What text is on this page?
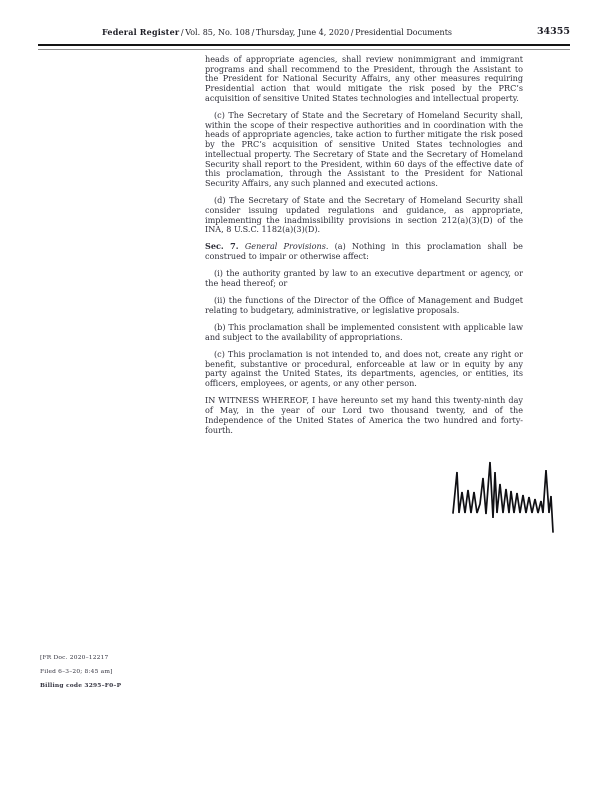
Federal Register / Vol. 85, No. 108 / Thursday, June 4, 2020 / Presidential Documents	34355

heads of appropriate agencies, shall review nonimmigrant and immigrant programs and shall recommend to the President, through the Assistant to the President for National Security Affairs, any other measures requiring Presidential action that would mitigate the risk posed by the PRC’s acquisition of sensitive United States technologies and intellectual property.

(c) The Secretary of State and the Secretary of Homeland Security shall, within the scope of their respective authorities and in coordination with the heads of appropriate agencies, take action to further mitigate the risk posed by the PRC’s acquisition of sensitive United States technologies and intellectual property. The Secretary of State and the Secretary of Homeland Security shall report to the President, within 60 days of the effective date of this proclamation, through the Assistant to the President for National Security Affairs, any such planned and executed actions.

(d) The Secretary of State and the Secretary of Homeland Security shall consider issuing updated regulations and guidance, as appropriate, implementing the inadmissibility provisions in section 212(a)(3)(D) of the INA, 8 U.S.C. 1182(a)(3)(D).

Sec. 7. General Provisions. (a) Nothing in this proclamation shall be construed to impair or otherwise affect:

(i) the authority granted by law to an executive department or agency, or the head thereof; or

(ii) the functions of the Director of the Office of Management and Budget relating to budgetary, administrative, or legislative proposals.

(b) This proclamation shall be implemented consistent with applicable law and subject to the availability of appropriations.

(c) This proclamation is not intended to, and does not, create any right or benefit, substantive or procedural, enforceable at law or in equity by any party against the United States, its departments, agencies, or entities, its officers, employees, or agents, or any other person.

IN WITNESS WHEREOF, I have hereunto set my hand this twenty-ninth day of May, in the year of our Lord two thousand twenty, and of the Independence of the United States of America the two hundred and forty-fourth.

[FR Doc. 2020–12217
Filed 6–3–20; 8:45 am]
Billing code 3295–F0–P
